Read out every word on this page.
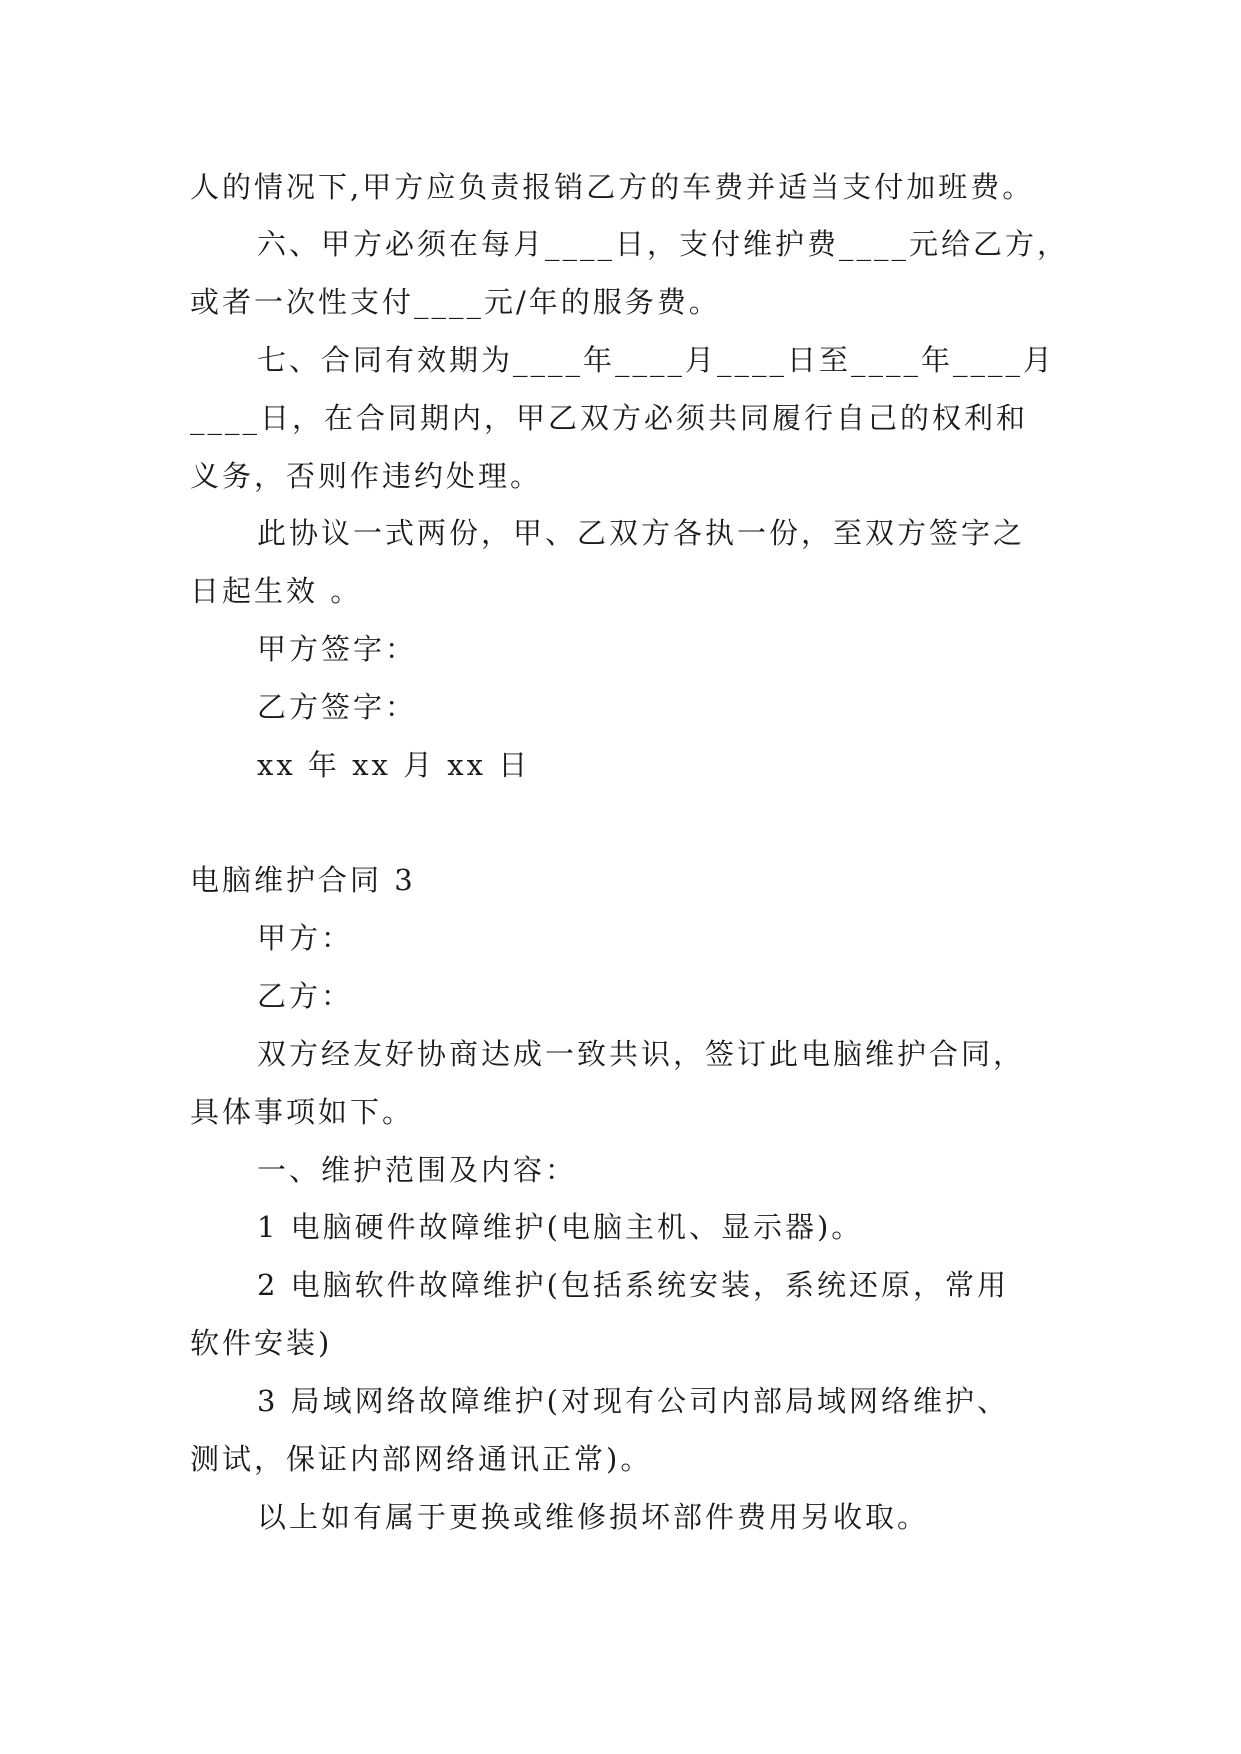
人的情况下,甲方应负责报销乙方的车费并适当支付加班费。
六、甲方必须在每月____日，支付维护费____元给乙方，
或者一次性支付____元/年的服务费。
七、合同有效期为____年____月____日至____年____月
____日，在合同期内，甲乙双方必须共同履行自己的权利和
义务，否则作违约处理。
此协议一式两份，甲、乙双方各执一份，至双方签字之
日起生效 。
甲方签字：
乙方签字：
xx 年 xx 月 xx 日
电脑维护合同 3
甲方：
乙方：
双方经友好协商达成一致共识，签订此电脑维护合同，
具体事项如下。
一、维护范围及内容：
1 电脑硬件故障维护(电脑主机、显示器)。
2 电脑软件故障维护(包括系统安装，系统还原，常用
软件安装)
3 局域网络故障维护(对现有公司内部局域网络维护、
测试，保证内部网络通讯正常)。
以上如有属于更换或维修损坏部件费用另收取。
